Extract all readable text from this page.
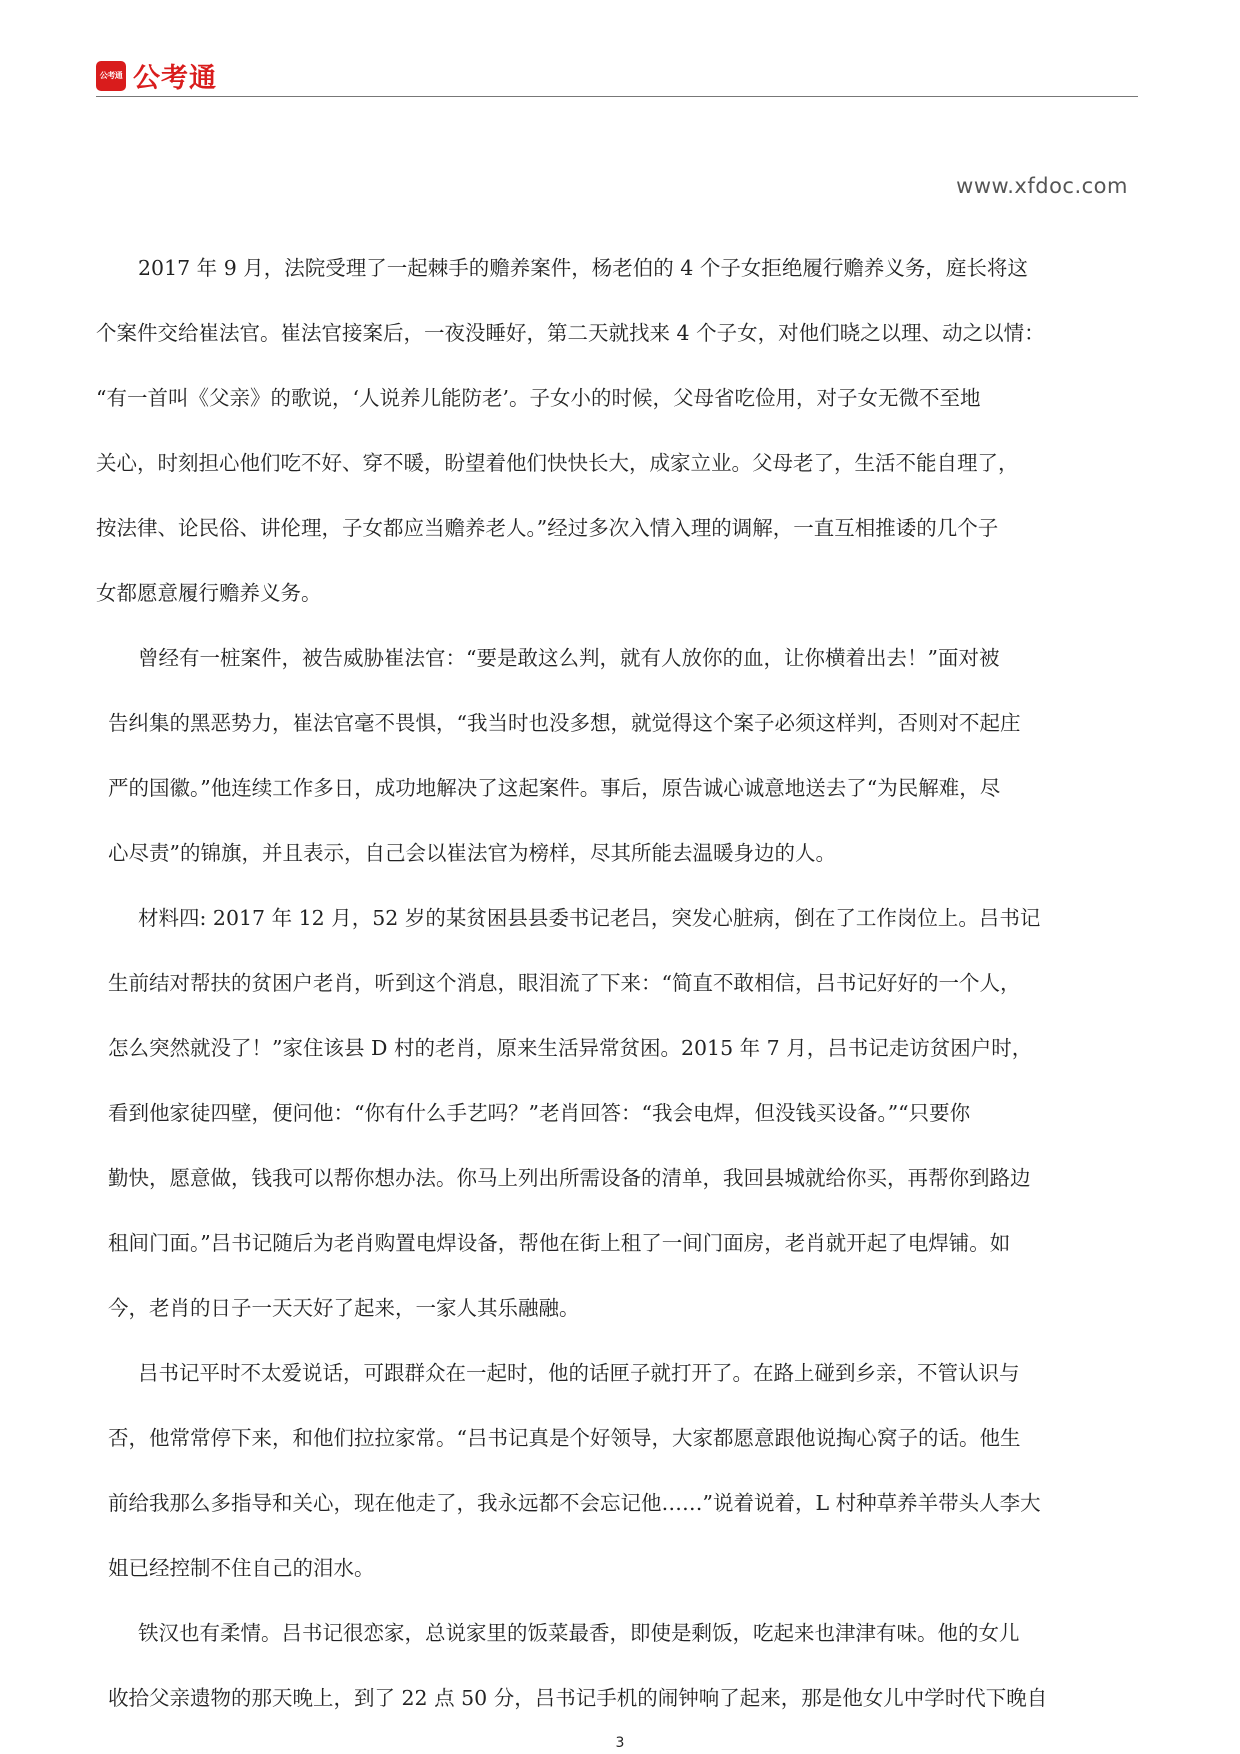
公考通 公考通
www.xfdoc.com
2017 年 9 月，法院受理了一起棘手的赡养案件，杨老伯的 4 个子女拒绝履行赡养义务，庭长将这
个案件交给崔法官。崔法官接案后，一夜没睡好，第二天就找来 4 个子女，对他们晓之以理、动之以情：
“有一首叫《父亲》的歌说，‘人说养儿能防老’。子女小的时候，父母省吃俭用，对子女无微不至地
关心，时刻担心他们吃不好、穿不暖，盼望着他们快快长大，成家立业。父母老了，生活不能自理了，
按法律、论民俗、讲伦理，子女都应当赡养老人。”经过多次入情入理的调解，一直互相推诿的几个子
女都愿意履行赡养义务。
曾经有一桩案件，被告威胁崔法官：“要是敢这么判，就有人放你的血，让你横着出去！”面对被
告纠集的黑恶势力，崔法官毫不畏惧，“我当时也没多想，就觉得这个案子必须这样判，否则对不起庄
严的国徽。”他连续工作多日，成功地解决了这起案件。事后，原告诚心诚意地送去了“为民解难，尽
心尽责”的锦旗，并且表示，自己会以崔法官为榜样，尽其所能去温暖身边的人。
材料四: 2017 年 12 月，52 岁的某贫困县县委书记老吕，突发心脏病，倒在了工作岗位上。吕书记
生前结对帮扶的贫困户老肖，听到这个消息，眼泪流了下来：“简直不敢相信，吕书记好好的一个人，
怎么突然就没了！”家住该县 D 村的老肖，原来生活异常贫困。2015 年 7 月，吕书记走访贫困户时，
看到他家徒四壁，便问他：“你有什么手艺吗？”老肖回答：“我会电焊，但没钱买设备。”“只要你
勤快，愿意做，钱我可以帮你想办法。你马上列出所需设备的清单，我回县城就给你买，再帮你到路边
租间门面。”吕书记随后为老肖购置电焊设备，帮他在街上租了一间门面房，老肖就开起了电焊铺。如
今，老肖的日子一天天好了起来，一家人其乐融融。
吕书记平时不太爱说话，可跟群众在一起时，他的话匣子就打开了。在路上碰到乡亲，不管认识与
否，他常常停下来，和他们拉拉家常。“吕书记真是个好领导，大家都愿意跟他说掏心窝子的话。他生
前给我那么多指导和关心，现在他走了，我永远都不会忘记他……”说着说着，L 村种草养羊带头人李大
姐已经控制不住自己的泪水。
铁汉也有柔情。吕书记很恋家，总说家里的饭菜最香，即使是剩饭，吃起来也津津有味。他的女儿
收拾父亲遗物的那天晚上，到了 22 点 50 分，吕书记手机的闹钟响了起来，那是他女儿中学时代下晚自
3
